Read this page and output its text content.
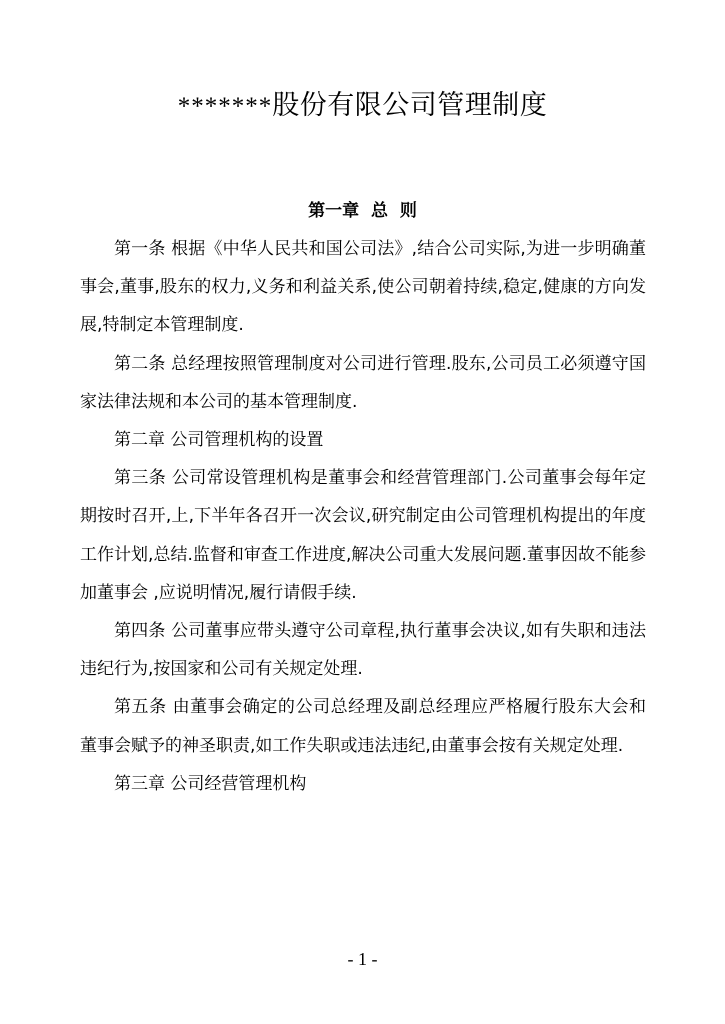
*******股份有限公司管理制度
第一章 总 则

第一条 根据《中华人民共和国公司法》,结合公司实际,为进一步明确董事会,董事,股东的权力,义务和利益关系,使公司朝着持续,稳定,健康的方向发展,特制定本管理制度.

第二条 总经理按照管理制度对公司进行管理.股东,公司员工必须遵守国家法律法规和本公司的基本管理制度.

第二章 公司管理机构的设置

第三条 公司常设管理机构是董事会和经营管理部门.公司董事会每年定期按时召开,上,下半年各召开一次会议,研究制定由公司管理机构提出的年度工作计划,总结.监督和审查工作进度,解决公司重大发展问题.董事因故不能参加董事会 ,应说明情况,履行请假手续.

第四条 公司董事应带头遵守公司章程,执行董事会决议,如有失职和违法违纪行为,按国家和公司有关规定处理.

第五条 由董事会确定的公司总经理及副总经理应严格履行股东大会和董事会赋予的神圣职责,如工作失职或违法违纪,由董事会按有关规定处理.

第三章 公司经营管理机构

- 1 -
